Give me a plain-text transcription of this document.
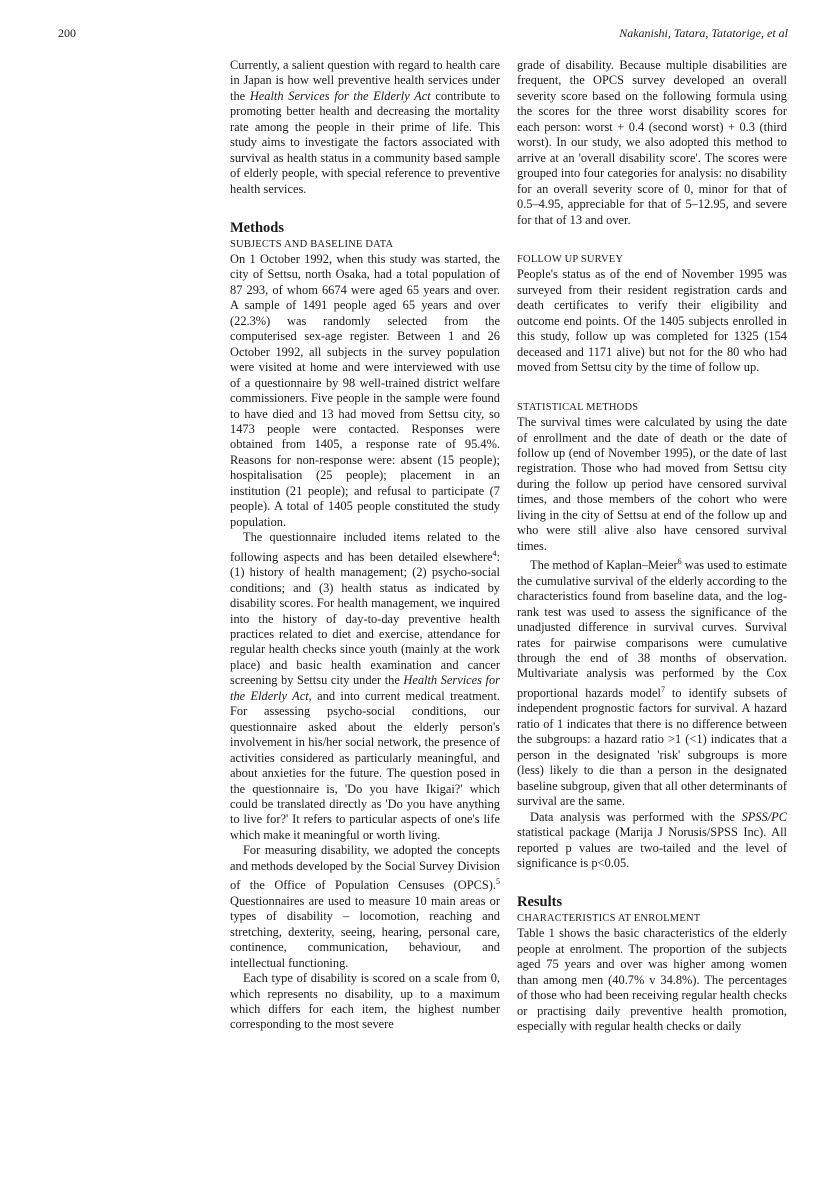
200	Nakanishi, Tatara, Tatatorige, et al

Currently, a salient question with regard to health care in Japan is how well preventive health services under the Health Services for the Elderly Act contribute to promoting better health and decreasing the mortality rate among the people in their prime of life. This study aims to investigate the factors associated with survival as health status in a community based sample of elderly people, with special reference to preventive health services.

Methods
SUBJECTS AND BASELINE DATA

On 1 October 1992, when this study was started, the city of Settsu, north Osaka, had a total population of 87 293, of whom 6674 were aged 65 years and over. A sample of 1491 people aged 65 years and over (22.3%) was randomly selected from the computerised sex-age register. Between 1 and 26 October 1992, all subjects in the survey population were visited at home and were interviewed with use of a questionnaire by 98 well-trained district welfare commissioners. Five people in the sample were found to have died and 13 had moved from Settsu city, so 1473 people were contacted. Responses were obtained from 1405, a response rate of 95.4%. Reasons for non-response were: absent (15 people); hospitalisation (25 people); placement in an institution (21 people); and refusal to participate (7 people). A total of 1405 people constituted the study population.

The questionnaire included items related to the following aspects and has been detailed elsewhere$^4$: (1) history of health management; (2) psycho-social conditions; and (3) health status as indicated by disability scores. For health management, we inquired into the history of day-to-day preventive health practices related to diet and exercise, attendance for regular health checks since youth (mainly at the work place) and basic health examination and cancer screening by Settsu city under the Health Services for the Elderly Act, and into current medical treatment. For assessing psycho-social conditions, our questionnaire asked about the elderly person's involvement in his/her social network, the presence of activities considered as particularly meaningful, and about anxieties for the future. The question posed in the questionnaire is, 'Do you have Ikigai?' which could be translated directly as 'Do you have anything to live for?' It refers to particular aspects of one's life which make it meaningful or worth living.

For measuring disability, we adopted the concepts and methods developed by the Social Survey Division of the Office of Population Censuses (OPCS).$^5$ Questionnaires are used to measure 10 main areas or types of disability – locomotion, reaching and stretching, dexterity, seeing, hearing, personal care, continence, communication, behaviour, and intellectual functioning.

Each type of disability is scored on a scale from 0, which represents no disability, up to a maximum which differs for each item, the highest number corresponding to the most severe

grade of disability. Because multiple disabilities are frequent, the OPCS survey developed an overall severity score based on the following formula using the scores for the three worst disability scores for each person: worst + 0.4 (second worst) + 0.3 (third worst). In our study, we also adopted this method to arrive at an 'overall disability score'. The scores were grouped into four categories for analysis: no disability for an overall severity score of 0, minor for that of 0.5–4.95, appreciable for that of 5–12.95, and severe for that of 13 and over.

FOLLOW UP SURVEY

People's status as of the end of November 1995 was surveyed from their resident registration cards and death certificates to verify their eligibility and outcome end points. Of the 1405 subjects enrolled in this study, follow up was completed for 1325 (154 deceased and 1171 alive) but not for the 80 who had moved from Settsu city by the time of follow up.

STATISTICAL METHODS

The survival times were calculated by using the date of enrollment and the date of death or the date of follow up (end of November 1995), or the date of last registration. Those who had moved from Settsu city during the follow up period have censored survival times, and those members of the cohort who were living in the city of Settsu at end of the follow up and who were still alive also have censored survival times.

The method of Kaplan–Meier$^6$ was used to estimate the cumulative survival of the elderly according to the characteristics found from baseline data, and the log-rank test was used to assess the significance of the unadjusted difference in survival curves. Survival rates for pairwise comparisons were cumulative through the end of 38 months of observation. Multivariate analysis was performed by the Cox proportional hazards model$^7$ to identify subsets of independent prognostic factors for survival. A hazard ratio of 1 indicates that there is no difference between the subgroups: a hazard ratio >1 (<1) indicates that a person in the designated 'risk' subgroups is more (less) likely to die than a person in the designated baseline subgroup, given that all other determinants of survival are the same.

Data analysis was performed with the SPSS/PC statistical package (Marija J Norusis/SPSS Inc). All reported p values are two-tailed and the level of significance is p<0.05.

Results
CHARACTERISTICS AT ENROLMENT

Table 1 shows the basic characteristics of the elderly people at enrolment. The proportion of the subjects aged 75 years and over was higher among women than among men (40.7% v 34.8%). The percentages of those who had been receiving regular health checks or practising daily preventive health promotion, especially with regular health checks or daily
